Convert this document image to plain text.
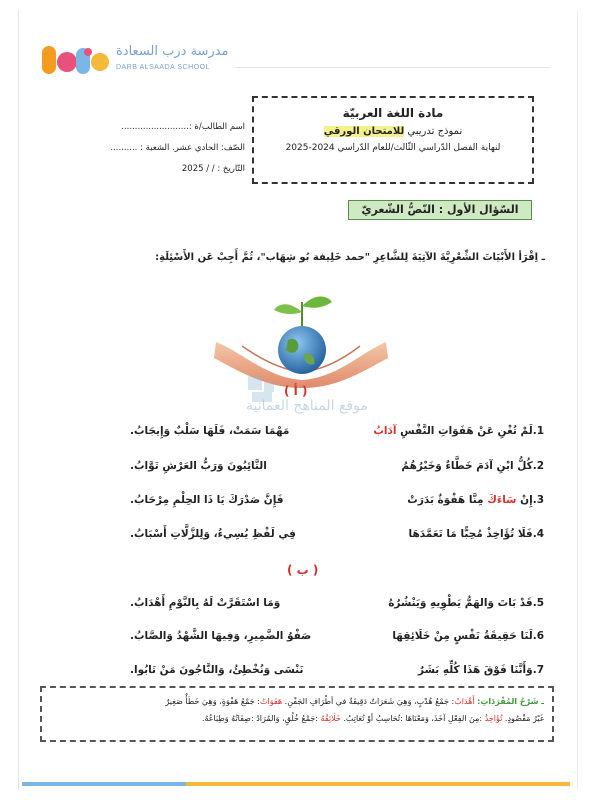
مدرسة درب السعادة
DARB ALSAADA SCHOOL
مادة اللغة العربيّة
نموذج تدريبي للامتحان الورقي
لنهاية الفصل الدّراسي الثّالث/للعام الدّراسي 2024-2025
اسم الطالب/ة :.........................
الصّف: الحادي عشر. الشعبة : ..........
التّاريخ : / / 2025
السّؤال الأول : النّصُّ الشّعريّ
ـ اِقْرَأ الأَبْيَاتَ الشِّعْرِيَّةَ الآتِيَةَ لِلشَّاعِرِ "حمد خَلِيفة بُو شِهَاب"، ثُمَّ أَجِبْ عَن الأَسْئِلَةِ:
موقع المناهج العمانية
( أ )
1.لَمْ تُغْنِ عَنْ هَفَوَاتِ النَّفْسِ آدَابُ
مَهْمَا سَمَتْ، فَلَهَا سَلْبٌ وَإِيجَابُ.
2.كُلُّ ابْنِ آدَمَ خَطَّاءٌ وَخَيْرُهُمُ
التَّائِبُونَ وَرَبُّ العَرْشِ تَوَّابُ.
3.إِنْ سَاءَكَ مِنَّا هَفْوَةٌ بَدَرَتْ
فَإِنَّ صَدْرَكَ يَا ذَا الحِلْمِ مِرْحَابُ.
4.فَلَا تُؤَاخِذْ مُحِبًّا مَا تَعَمَّدَهَا
فِي لَفْظِ يُسِيءُ، وَلِلزَّلَّاتِ أَسْبَابُ.
5.قَدْ بَاتَ وَالهَمُّ يَطْوِيهِ وَيَنْشُرُهُ
وَمَا اسْتَقَرَّتْ لَهُ بِالنَّوْمِ أَهْدَابُ.
6.لَنَا حَقِيقَةُ نَفْسٍ مِنْ خَلَائِقِهَا
صَفْوُ الضَّمِيرِ، وَفِيهَا الشَّهْدُ وَالصَّابُ.
7.وَأَنَّنَا فَوْقَ هَذَا كُلِّهِ بَشَرٌ
نَنْسَى وَنُخْطِئُ، وَالنَّاجُونَ مَنْ تَابُوا.
( ب )
ـ شَرْحُ المُفْرَدَاتِ: أَهْدَابُ: جَمْعُ هُدْبٍ، وَهِيَ شَعَرَاتٌ دَقِيقَةٌ في أطْرَافِ الجَفْنِ. هَفَوَاتُ: جَمْعُ هَفْوَةٍ، وَهِيَ خَطَأٌ صَغِيرٌ
غَيْرُ مَقْصُودٍ. تُؤَاخِذُ :مِنَ الفِعْلِ آخَذَ، وَمَعْنَاهَا :تُحَاسِبُ أوْ تُعَاتِبُ. خَلَائِقُهُ :جَمْعُ خُلُقٍ، وَالمُرَادُ :صِفَاتُهُ وَطِبَاعُهُ.
